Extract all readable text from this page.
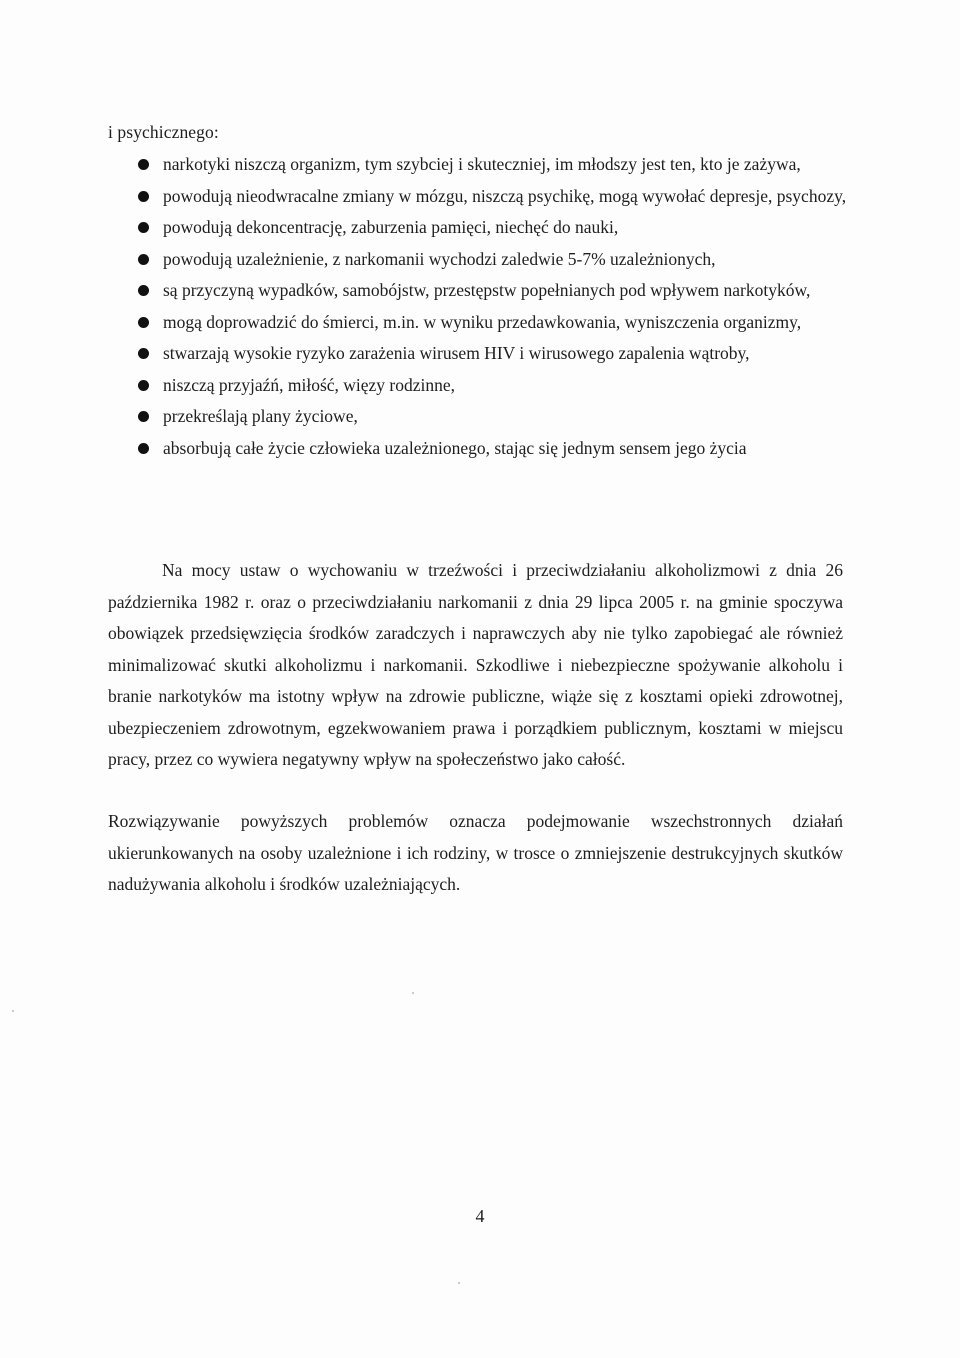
i psychicznego:

narkotyki niszczą organizm, tym szybciej i skuteczniej, im młodszy jest ten, kto je zażywa,
powodują nieodwracalne zmiany w mózgu, niszczą psychikę, mogą wywołać depresje, psychozy,
powodują dekoncentrację, zaburzenia pamięci, niechęć do nauki,
powodują uzależnienie, z narkomanii wychodzi zaledwie 5-7% uzależnionych,
są przyczyną wypadków, samobójstw, przestępstw popełnianych pod wpływem narkotyków,
mogą doprowadzić do śmierci, m.in. w wyniku przedawkowania, wyniszczenia organizmy,
stwarzają wysokie ryzyko zarażenia wirusem HIV i wirusowego zapalenia wątroby,
niszczą przyjaźń, miłość, więzy rodzinne,
przekreślają plany życiowe,
absorbują całe życie człowieka uzależnionego, stając się jednym sensem jego życia

Na mocy ustaw o wychowaniu w trzeźwości i przeciwdziałaniu alkoholizmowi z dnia 26 października 1982 r. oraz o przeciwdziałaniu narkomanii z dnia 29 lipca 2005 r. na gminie spoczywa obowiązek przedsięwzięcia środków zaradczych i naprawczych aby nie tylko zapobiegać ale również minimalizować skutki alkoholizmu i narkomanii. Szkodliwe i niebezpieczne spożywanie alkoholu i branie narkotyków ma istotny wpływ na zdrowie publiczne, wiąże się z kosztami opieki zdrowotnej, ubezpieczeniem zdrowotnym, egzekwowaniem prawa i porządkiem publicznym, kosztami w miejscu pracy, przez co wywiera negatywny wpływ na społeczeństwo jako całość.

Rozwiązywanie powyższych problemów oznacza podejmowanie wszechstronnych działań ukierunkowanych na osoby uzależnione i ich rodziny, w trosce o zmniejszenie destrukcyjnych skutków nadużywania alkoholu i środków uzależniających.

4
